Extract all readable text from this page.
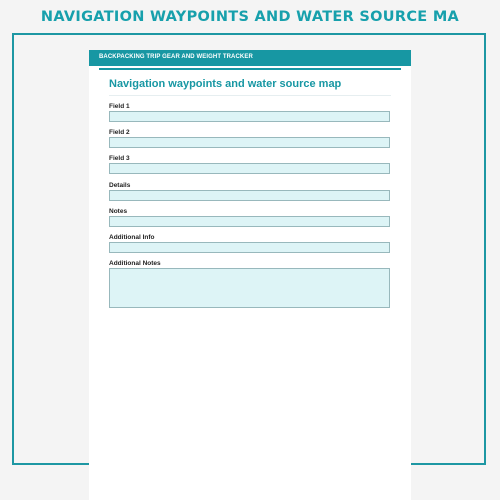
NAVIGATION WAYPOINTS AND WATER SOURCE MA
BACKPACKING TRIP GEAR AND WEIGHT TRACKER
Navigation waypoints and water source map
Field 1
Field 2
Field 3
Details
Notes
Additional Info
Additional Notes
